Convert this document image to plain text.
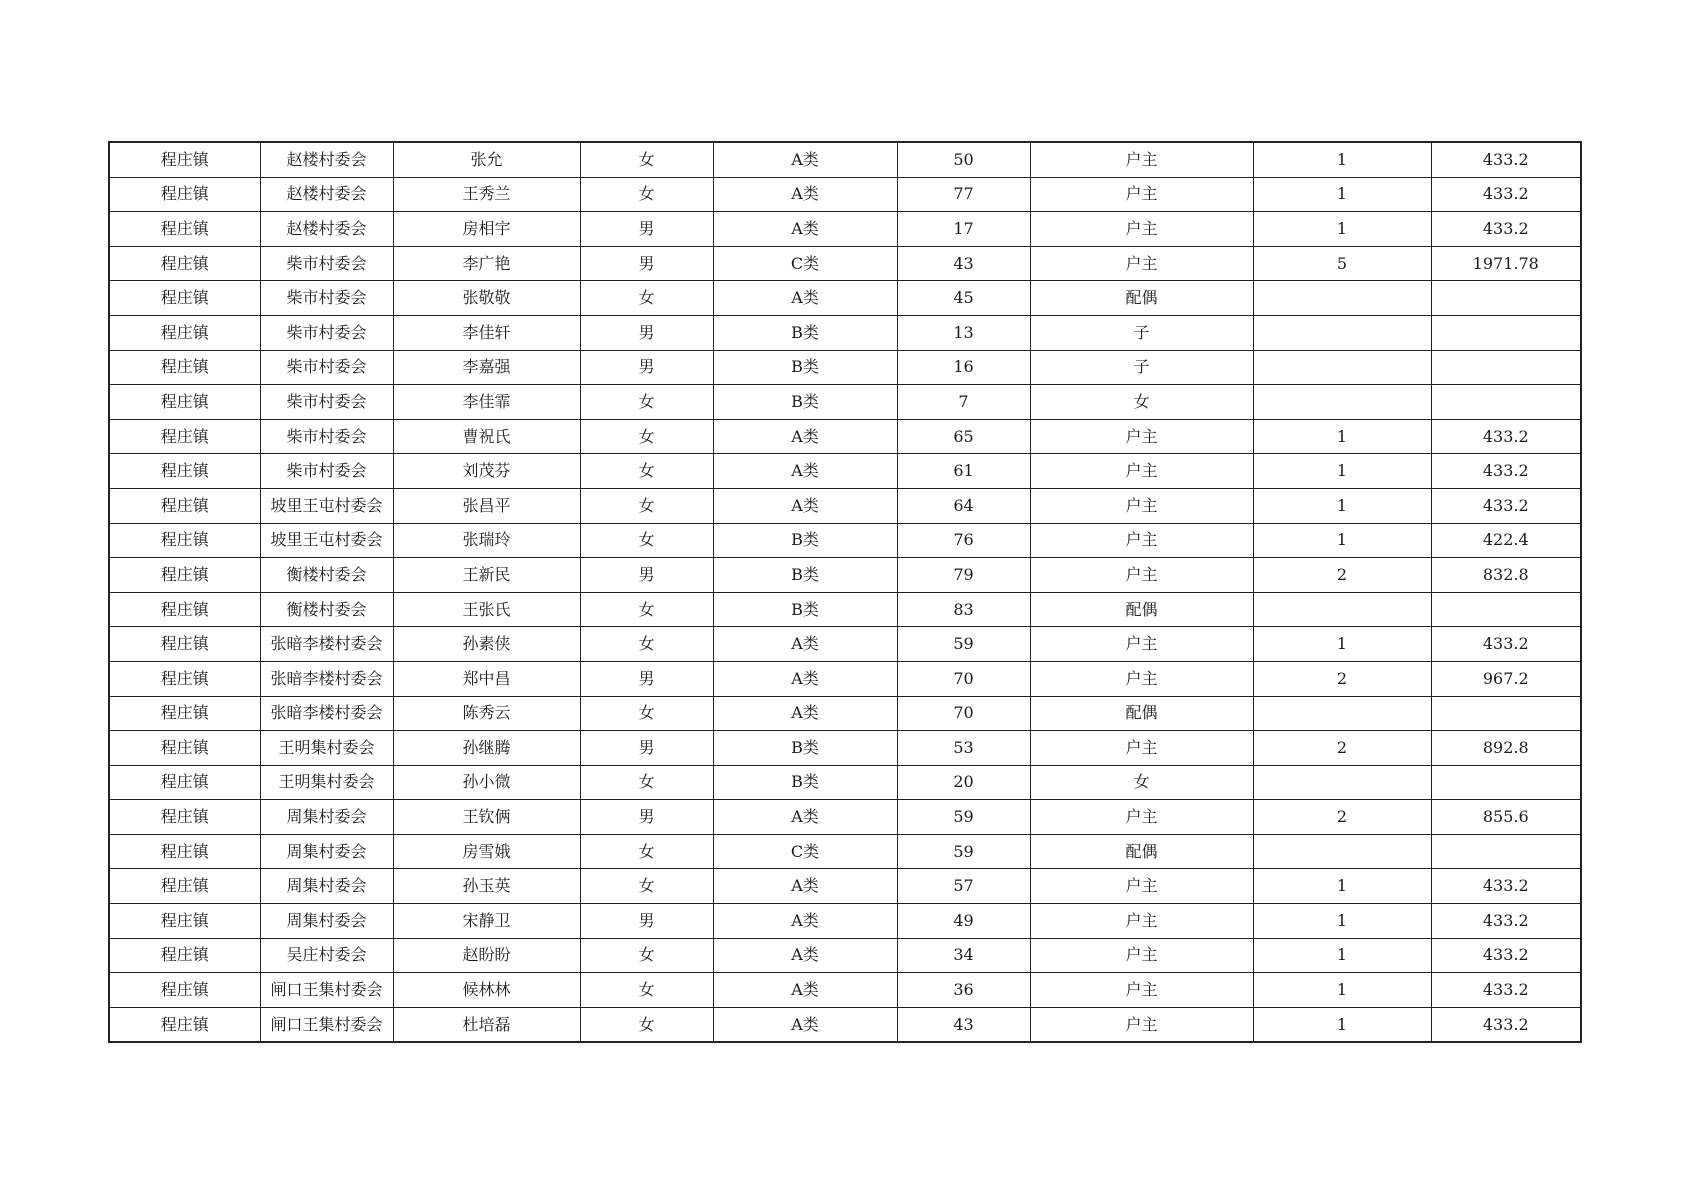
程庄镇	赵楼村委会	张允	女	A类	50	户主	1	433.2
程庄镇	赵楼村委会	王秀兰	女	A类	77	户主	1	433.2
程庄镇	赵楼村委会	房相宇	男	A类	17	户主	1	433.2
程庄镇	柴市村委会	李广艳	男	C类	43	户主	5	1971.78
程庄镇	柴市村委会	张敬敬	女	A类	45	配偶		
程庄镇	柴市村委会	李佳轩	男	B类	13	子		
程庄镇	柴市村委会	李嘉强	男	B类	16	子		
程庄镇	柴市村委会	李佳霏	女	B类	7	女		
程庄镇	柴市村委会	曹祝氏	女	A类	65	户主	1	433.2
程庄镇	柴市村委会	刘茂芬	女	A类	61	户主	1	433.2
程庄镇	坡里王屯村委会	张昌平	女	A类	64	户主	1	433.2
程庄镇	坡里王屯村委会	张瑞玲	女	B类	76	户主	1	422.4
程庄镇	衡楼村委会	王新民	男	B类	79	户主	2	832.8
程庄镇	衡楼村委会	王张氏	女	B类	83	配偶		
程庄镇	张暗李楼村委会	孙素侠	女	A类	59	户主	1	433.2
程庄镇	张暗李楼村委会	郑中昌	男	A类	70	户主	2	967.2
程庄镇	张暗李楼村委会	陈秀云	女	A类	70	配偶		
程庄镇	王明集村委会	孙继腾	男	B类	53	户主	2	892.8
程庄镇	王明集村委会	孙小微	女	B类	20	女		
程庄镇	周集村委会	王钦俩	男	A类	59	户主	2	855.6
程庄镇	周集村委会	房雪娥	女	C类	59	配偶		
程庄镇	周集村委会	孙玉英	女	A类	57	户主	1	433.2
程庄镇	周集村委会	宋静卫	男	A类	49	户主	1	433.2
程庄镇	吴庄村委会	赵盼盼	女	A类	34	户主	1	433.2
程庄镇	闸口王集村委会	候林林	女	A类	36	户主	1	433.2
程庄镇	闸口王集村委会	杜培磊	女	A类	43	户主	1	433.2
